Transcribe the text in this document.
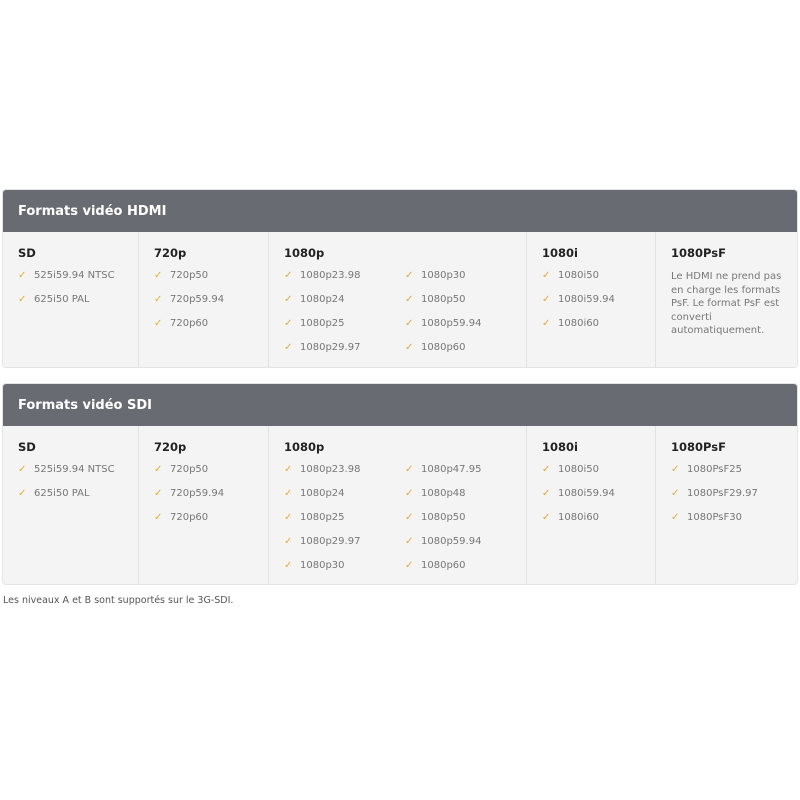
Formats vidéo HDMI
SD
✓ 525i59.94 NTSC
✓ 625i50 PAL
720p
✓ 720p50
✓ 720p59.94
✓ 720p60
1080p
✓ 1080p23.98
✓ 1080p24
✓ 1080p25
✓ 1080p29.97
✓ 1080p30
✓ 1080p50
✓ 1080p59.94
✓ 1080p60
1080i
✓ 1080i50
✓ 1080i59.94
✓ 1080i60
1080PsF
Le HDMI ne prend pas en charge les formats PsF. Le format PsF est converti automatiquement.
Formats vidéo SDI
SD
✓ 525i59.94 NTSC
✓ 625i50 PAL
720p
✓ 720p50
✓ 720p59.94
✓ 720p60
1080p
✓ 1080p23.98
✓ 1080p24
✓ 1080p25
✓ 1080p29.97
✓ 1080p30
✓ 1080p47.95
✓ 1080p48
✓ 1080p50
✓ 1080p59.94
✓ 1080p60
1080i
✓ 1080i50
✓ 1080i59.94
✓ 1080i60
1080PsF
✓ 1080PsF25
✓ 1080PsF29.97
✓ 1080PsF30
Les niveaux A et B sont supportés sur le 3G-SDI.
